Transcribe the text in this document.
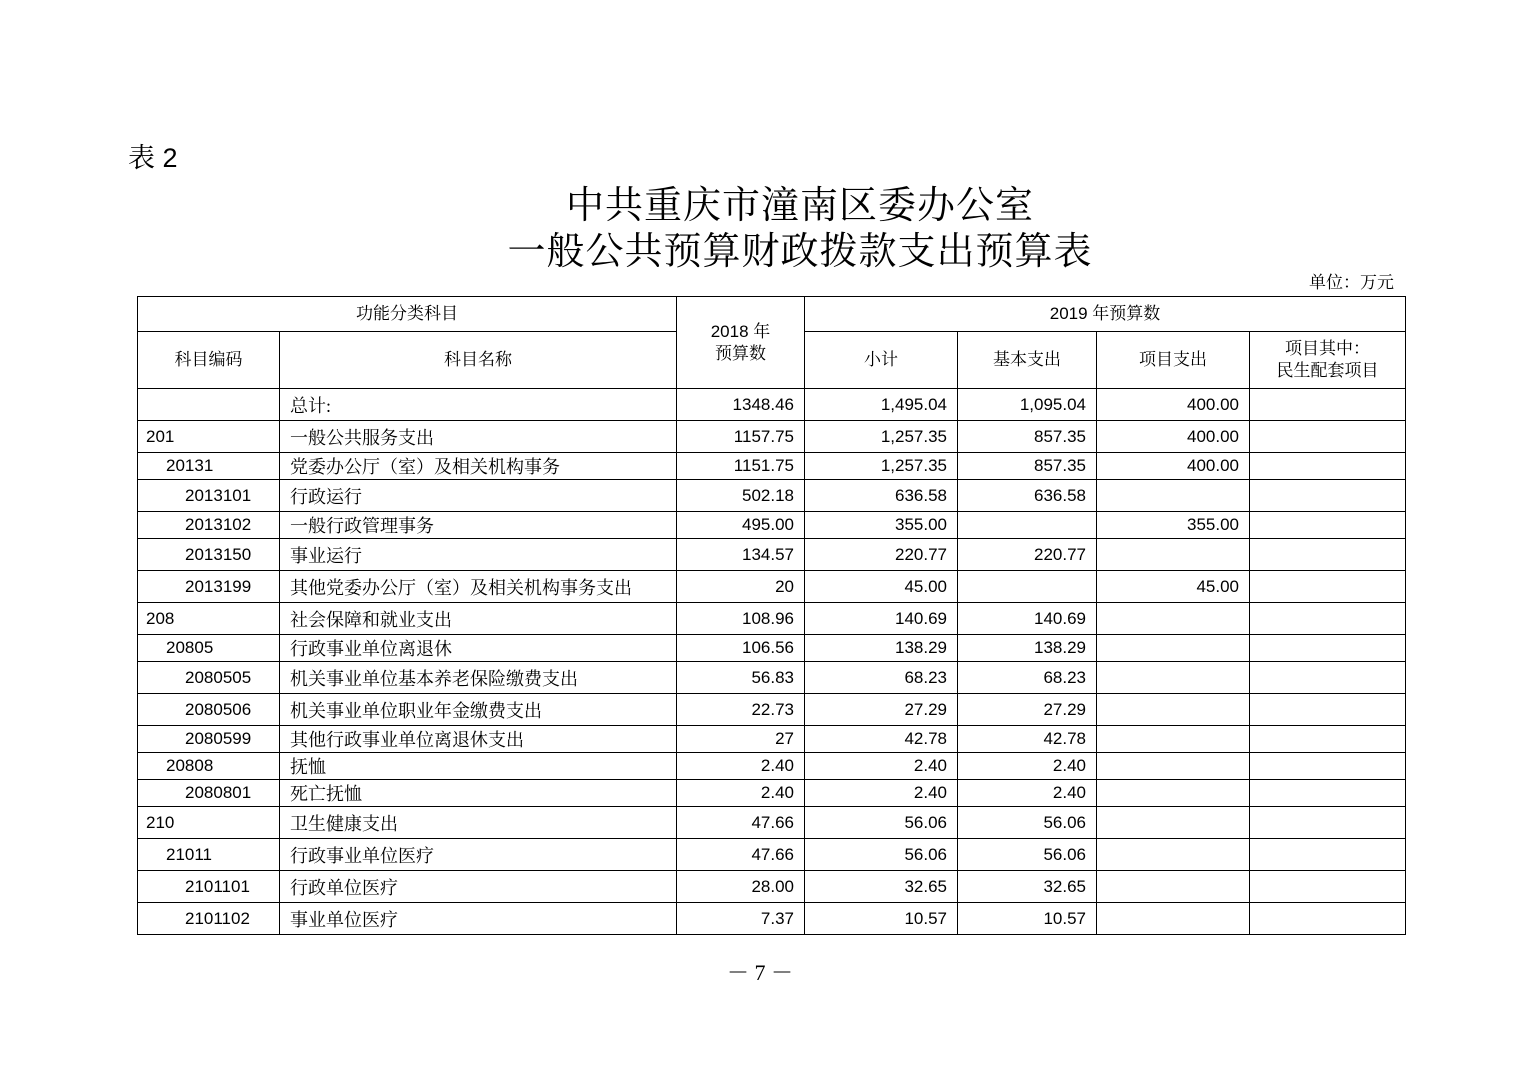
表 2
中共重庆市潼南区委办公室
一般公共预算财政拨款支出预算表
单位：万元
功能分类科目		2018 年
预算数	2019 年预算数			
科目编码	科目名称		小计	基本支出	项目支出	项目其中：
民生配套项目
	总计:	1348.46	1,495.04	1,095.04	400.00	
201	一般公共服务支出	1157.75	1,257.35	857.35	400.00	
20131	党委办公厅（室）及相关机构事务	1151.75	1,257.35	857.35	400.00	
2013101	行政运行	502.18	636.58	636.58		
2013102	一般行政管理事务	495.00	355.00		355.00	
2013150	事业运行	134.57	220.77	220.77		
2013199	其他党委办公厅（室）及相关机构事务支出	20	45.00		45.00	
208	社会保障和就业支出	108.96	140.69	140.69		
20805	行政事业单位离退休	106.56	138.29	138.29		
2080505	机关事业单位基本养老保险缴费支出	56.83	68.23	68.23		
2080506	机关事业单位职业年金缴费支出	22.73	27.29	27.29		
2080599	其他行政事业单位离退休支出	27	42.78	42.78		
20808	抚恤	2.40	2.40	2.40		
2080801	死亡抚恤	2.40	2.40	2.40		
210	卫生健康支出	47.66	56.06	56.06		
21011	行政事业单位医疗	47.66	56.06	56.06		
2101101	行政单位医疗	28.00	32.65	32.65		
2101102	事业单位医疗	7.37	10.57	10.57		
－ 7 －
